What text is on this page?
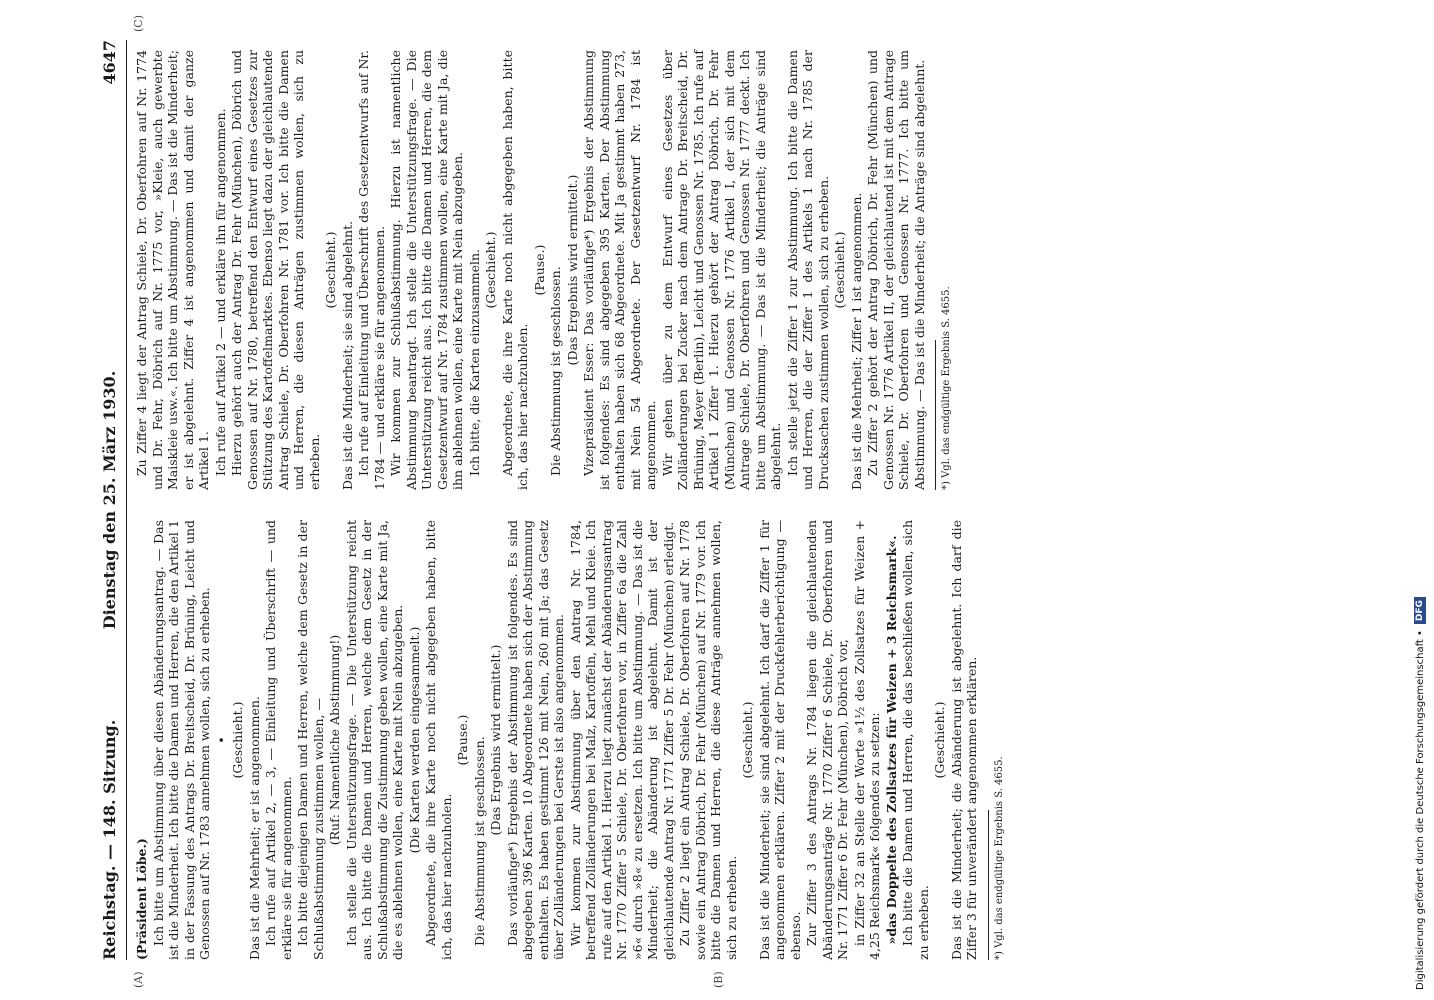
Reichstag. — 148. Sitzung.
Dienstag den 25. März 1930.
4647
(A)	(B)
(C)

(Präsident Löbe.) Ich bitte um Abstimmung über diesen Abänderungsantrag. — Das ist die Minderheit. Ich bitte die Damen und Herren, die den Artikel 1 in der Fassung des Antrags Dr. Breitscheid, Dr. Brüning, Leicht und Genossen auf Nr. 1783 annehmen wollen, sich zu erheben. • (Geschieht.) Das ist die Mehrheit; er ist angenommen. Ich rufe auf Artikel 2, — 3, — Einleitung und Überschrift — und erkläre sie für angenommen. Ich bitte diejenigen Damen und Herren, welche dem Gesetz in der Schlußabstimmung zustimmen wollen, — (Ruf: Namentliche Abstimmung!) Ich stelle die Unterstützungsfrage. — Die Unterstützung reicht aus. Ich bitte die Damen und Herren, welche dem Gesetz in der Schlußabstimmung die Zustimmung geben wollen, eine Karte mit Ja, die es ablehnen wollen, eine Karte mit Nein abzugeben. (Die Karten werden eingesammelt.) Abgeordnete, die ihre Karte noch nicht abgegeben haben, bitte ich, das hier nachzuholen.

(Pause.) Die Abstimmung ist geschlossen. (Das Ergebnis wird ermittelt.) Das vorläufige*) Ergebnis der Abstimmung ist folgendes. Es sind abgegeben 396 Karten. 10 Abgeordnete haben sich der Abstimmung enthalten. Es haben gestimmt 126 mit Nein, 260 mit Ja; das Gesetz über Zolländerungen bei Gerste ist also angenommen. Wir kommen zur Abstimmung über den Antrag Nr. 1784, betreffend Zolländerungen bei Malz, Kartoffeln, Mehl und Kleie. Ich rufe auf den Artikel 1. Hierzu liegt zunächst der Abänderungsantrag Nr. 1770 Ziffer 5 Schiele, Dr. Oberfohren vor, in Ziffer 6a die Zahl »6« durch »8« zu ersetzen. Ich bitte um Abstimmung. — Das ist die Minderheit; die Abänderung ist abgelehnt. Damit ist der gleichlautende Antrag Nr. 1771 Ziffer 5 Dr. Fehr (München) erledigt. Zu Ziffer 2 liegt ein Antrag Schiele, Dr. Oberfohren auf Nr. 1778 sowie ein Antrag Döbrich, Dr. Fehr (München) auf Nr. 1779 vor. Ich bitte die Damen und Herren, die diese Anträge annehmen wollen, sich zu erheben.

(Geschieht.) Das ist die Minderheit; sie sind abgelehnt. Ich darf die Ziffer 1 für angenommen erklären. Ziffer 2 mit der Druckfehlerberichtigung — ebenso. Zur Ziffer 3 des Antrags Nr. 1784 liegen die gleichlautenden Abänderungsanträge Nr. 1770 Ziffer 6 Schiele, Dr. Oberfohren und Nr. 1771 Ziffer 6 Dr. Fehr (München), Döbrich vor, in Ziffer 32 an Stelle der Worte »1½ des Zollsatzes für Weizen + 4,25 Reichsmark« folgendes zu setzen: »das Doppelte des Zollsatzes für Weizen + 3 Reichsmark«. Ich bitte die Damen und Herren, die das beschließen wollen, sich zu erheben.

(Geschieht.) Das ist die Minderheit; die Abänderung ist abgelehnt. Ich darf die Ziffer 3 für unverändert angenommen erklären. *) Vgl. das endgültige Ergebnis S. 4655.

Zu Ziffer 4 liegt der Antrag Schiele, Dr. Oberfohren auf Nr. 1774 und Dr. Fehr, Döbrich auf Nr. 1775 vor, »Kleie, auch gewerbte Maiskleie usw.«. Ich bitte um Abstimmung. — Das ist die Minderheit; er ist abgelehnt. Ziffer 4 ist angenommen und damit der ganze Artikel 1. Ich rufe auf Artikel 2 — und erkläre ihn für angenommen. Hierzu gehört auch der Antrag Dr. Fehr (München), Döbrich und Genossen auf Nr. 1780, betreffend den Entwurf eines Gesetzes zur Stützung des Kartoffelmarktes. Ebenso liegt dazu der gleichlautende Antrag Schiele, Dr. Oberfohren Nr. 1781 vor. Ich bitte die Damen und Herren, die diesen Anträgen zustimmen wollen, sich zu erheben.

(Geschieht.) Das ist die Minderheit; sie sind abgelehnt. Ich rufe auf Einleitung und Überschrift des Gesetzentwurfs auf Nr. 1784 — und erkläre sie für angenommen. Wir kommen zur Schlußabstimmung. Hierzu ist namentliche Abstimmung beantragt. Ich stelle die Unterstützungsfrage. — Die Unterstützung reicht aus. Ich bitte die Damen und Herren, die dem Gesetzentwurf auf Nr. 1784 zustimmen wollen, eine Karte mit Ja, die ihn ablehnen wollen, eine Karte mit Nein abzugeben. Ich bitte, die Karten einzusammeln. (Geschieht.) Abgeordnete, die ihre Karte noch nicht abgegeben haben, bitte ich, das hier nachzuholen.

(Pause.) Die Abstimmung ist geschlossen. (Das Ergebnis wird ermittelt.) Vizepräsident Esser: Das vorläufige*) Ergebnis der Abstimmung ist folgendes: Es sind abgegeben 395 Karten. Der Abstimmung enthalten haben sich 68 Abgeordnete. Mit Ja gestimmt haben 273, mit Nein 54 Abgeordnete. Der Gesetzentwurf Nr. 1784 ist angenommen. Wir gehen über zu dem Entwurf eines Gesetzes über Zolländerungen bei Zucker nach dem Antrage Dr. Breitscheid, Dr. Brüning, Meyer (Berlin), Leicht und Genossen Nr. 1785. Ich rufe auf Artikel 1 Ziffer 1. Hierzu gehört der Antrag Döbrich, Dr. Fehr (München) und Genossen Nr. 1776 Artikel I, der sich mit dem Antrage Schiele, Dr. Oberfohren und Genossen Nr. 1777 deckt. Ich bitte um Abstimmung. — Das ist die Minderheit; die Anträge sind abgelehnt. Ich stelle jetzt die Ziffer 1 zur Abstimmung. Ich bitte die Damen und Herren, die der Ziffer 1 des Artikels 1 nach Nr. 1785 der Drucksachen zustimmen wollen, sich zu erheben. (Geschieht.) Das ist die Mehrheit; Ziffer 1 ist angenommen. Zu Ziffer 2 gehört der Antrag Döbrich, Dr. Fehr (München) und Genossen Nr. 1776 Artikel II, der gleichlautend ist mit dem Antrage Schiele, Dr. Oberfohren und Genossen Nr. 1777. Ich bitte um Abstimmung. — Das ist die Minderheit; die Anträge sind abgelehnt. *) Vgl. das endgültige Ergebnis S. 4655.
Digitalisierung gefördert durch die Deutsche Forschungsgemeinschaft •
DFG
